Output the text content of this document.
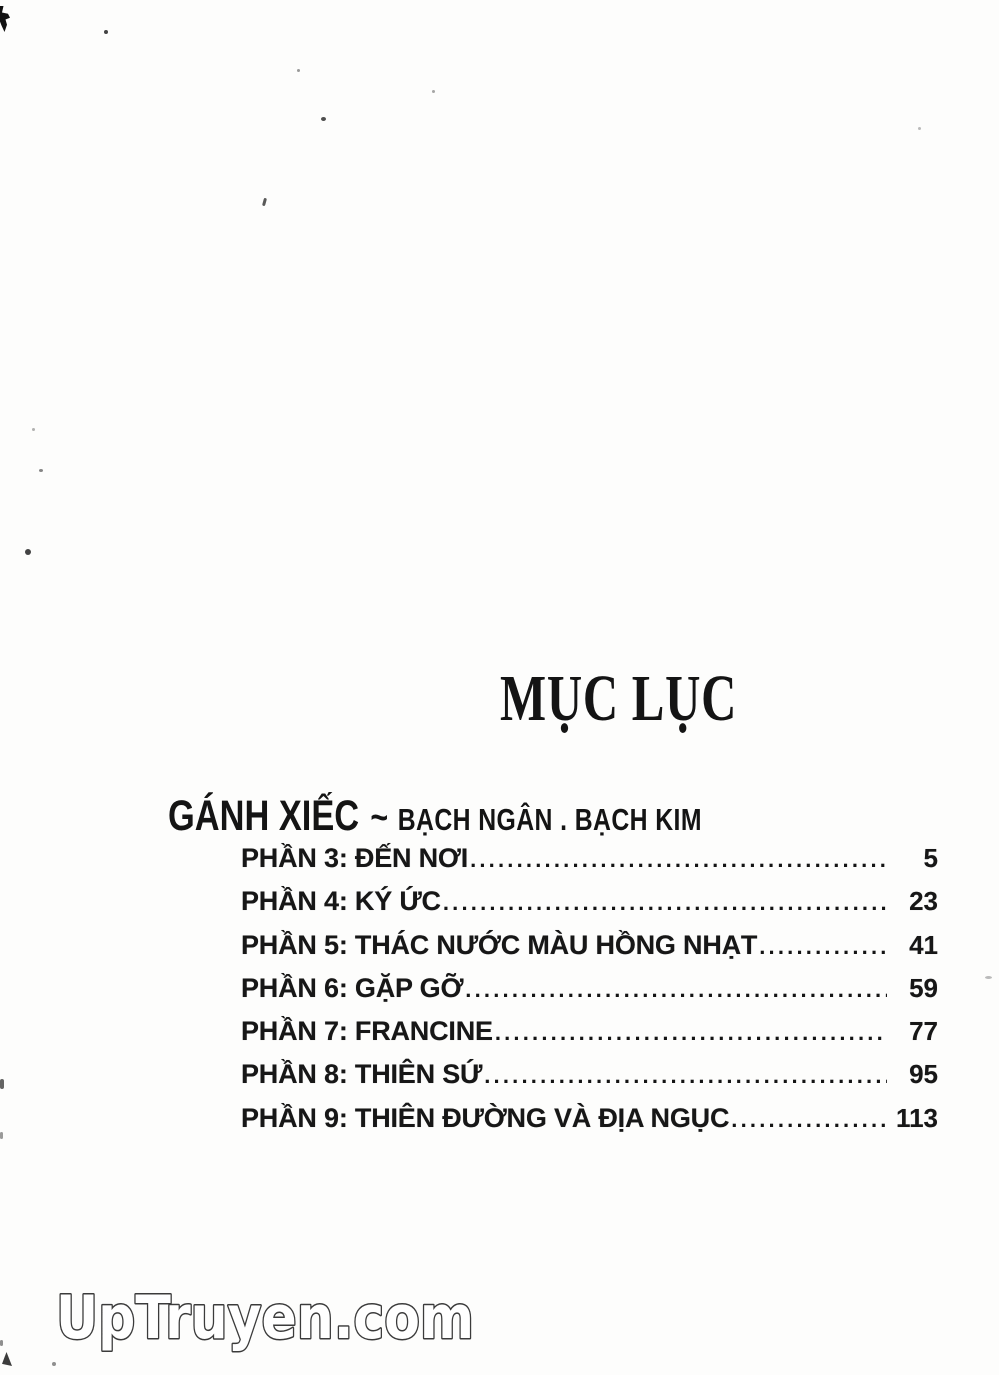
MỤC LỤC
GÁNH XIẾC ~ BẠCH NGÂN . BẠCH KIM
PHẦN 3: ĐẾN NƠI .....	5
PHẦN 4: KÝ ỨC .....	23
PHẦN 5: THÁC NƯỚC MÀU HỒNG NHẠT .....	41
PHẦN 6: GẶP GỠ .....	59
PHẦN 7: FRANCINE .....	77
PHẦN 8: THIÊN SỨ .....	95
PHẦN 9: THIÊN ĐƯỜNG VÀ ĐỊA NGỤC .....	113
UpTruyen.com
